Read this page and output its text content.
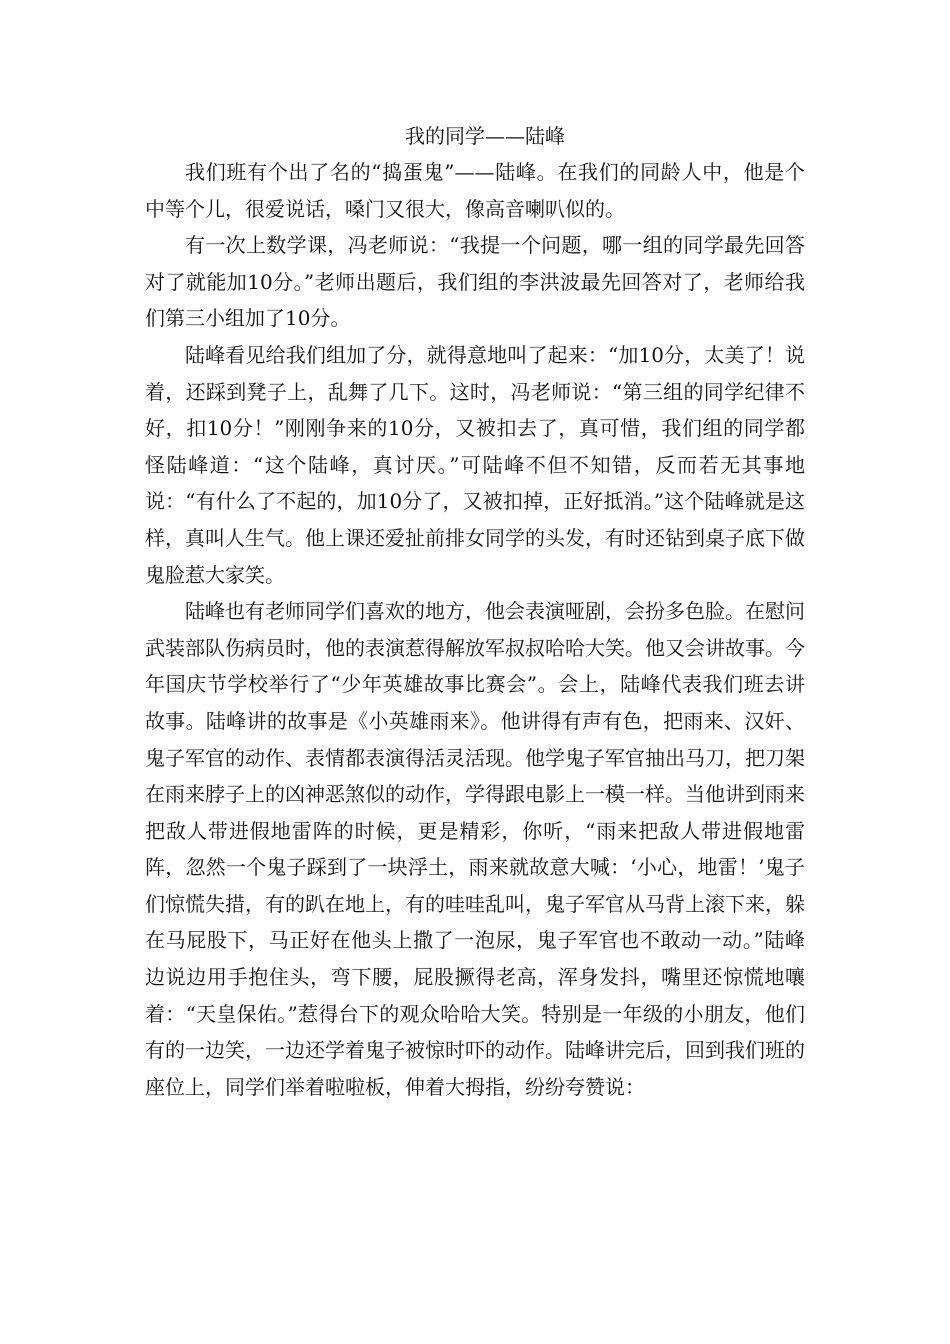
我的同学——陆峰

我们班有个出了名的“捣蛋鬼”——陆峰。在我们的同龄人中，他是个中等个儿，很爱说话，嗓门又很大，像高音喇叭似的。

有一次上数学课，冯老师说：“我提一个问题，哪一组的同学最先回答对了就能加10分。”老师出题后，我们组的李洪波最先回答对了，老师给我们第三小组加了10分。

陆峰看见给我们组加了分，就得意地叫了起来：“加10分，太美了！说着，还踩到凳子上，乱舞了几下。这时，冯老师说：“第三组的同学纪律不好，扣10分！”刚刚争来的10分，又被扣去了，真可惜，我们组的同学都怪陆峰道：“这个陆峰，真讨厌。”可陆峰不但不知错，反而若无其事地说：“有什么了不起的，加10分了，又被扣掉，正好抵消。”这个陆峰就是这样，真叫人生气。他上课还爱扯前排女同学的头发，有时还钻到桌子底下做鬼脸惹大家笑。

陆峰也有老师同学们喜欢的地方，他会表演哑剧，会扮多色脸。在慰问武装部队伤病员时，他的表演惹得解放军叔叔哈哈大笑。他又会讲故事。今年国庆节学校举行了“少年英雄故事比赛会”。会上，陆峰代表我们班去讲故事。陆峰讲的故事是《小英雄雨来》。他讲得有声有色，把雨来、汉奸、鬼子军官的动作、表情都表演得活灵活现。他学鬼子军官抽出马刀，把刀架在雨来脖子上的凶神恶煞似的动作，学得跟电影上一模一样。当他讲到雨来把敌人带进假地雷阵的时候，更是精彩，你听，“雨来把敌人带进假地雷阵，忽然一个鬼子踩到了一块浮土，雨来就故意大喊：‘小心，地雷！’鬼子们惊慌失措，有的趴在地上，有的哇哇乱叫，鬼子军官从马背上滚下来，躲在马屁股下，马正好在他头上撒了一泡尿，鬼子军官也不敢动一动。”陆峰边说边用手抱住头，弯下腰，屁股撅得老高，浑身发抖，嘴里还惊慌地嚷着：“天皇保佑。”惹得台下的观众哈哈大笑。特别是一年级的小朋友，他们有的一边笑，一边还学着鬼子被惊时吓的动作。陆峰讲完后，回到我们班的座位上，同学们举着啦啦板，伸着大拇指，纷纷夸赞说：
